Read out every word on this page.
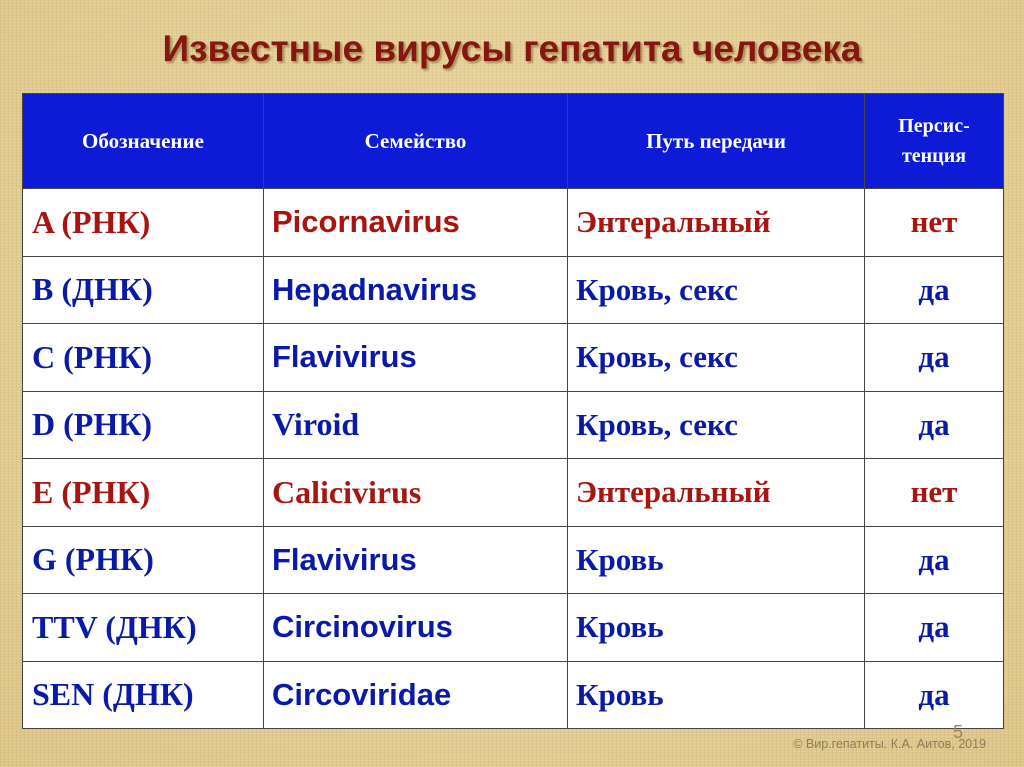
Известные вирусы гепатита человека
Обозначение	Семейство	Путь передачи	Персис-
тенция
A (РНК)	Picornavirus	Энтеральный	нет
B (ДНК)	Hepadnavirus	Кровь, секс	да
C (РНК)	Flavivirus	Кровь, секс	да
D (РНК)	Viroid	Кровь, секс	да
E (РНК)	Calicivirus	Энтеральный	нет
G (РНК)	Flavivirus	Кровь	да
TTV (ДНК)	Circinovirus	Кровь	да
SEN (ДНК)	Circoviridae	Кровь	да
5
© Вир.гепатиты. К.А. Аитов, 2019
